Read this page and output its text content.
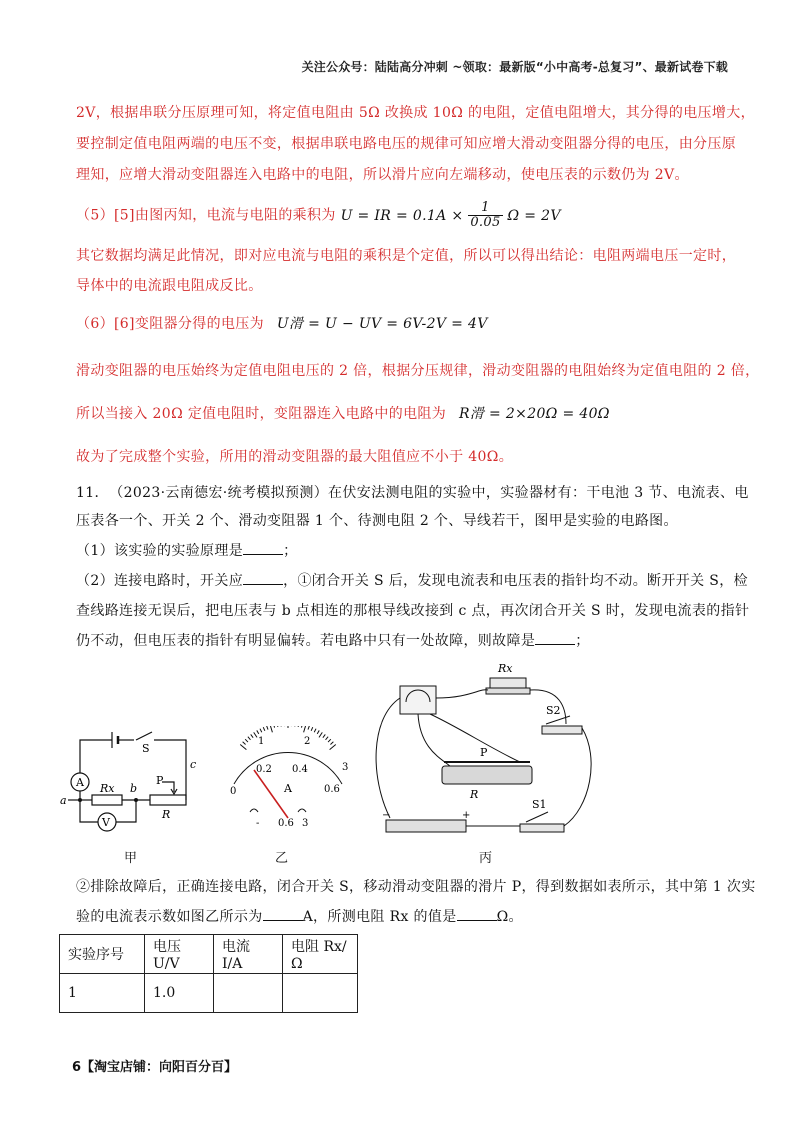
关注公众号：陆陆高分冲刺 ~领取：最新版“小中高考-总复习”、最新试卷下载
2V，根据串联分压原理可知，将定值电阻由 5Ω 改换成 10Ω 的电阻，定值电阻增大，其分得的电压增大，
要控制定值电阻两端的电压不变，根据串联电路电压的规律可知应增大滑动变阻器分得的电压，由分压原
理知，应增大滑动变阻器连入电路中的电阻，所以滑片应向左端移动，使电压表的示数仍为 2V。
（5）[5]由图丙知，电流与电阻的乘积为 U = IR = $0.1A \times \frac{1}{0.05}$ Ω = 2V
其它数据均满足此情况，即对应电流与电阻的乘积是个定值，所以可以得出结论：电阻两端电压一定时，
导体中的电流跟电阻成反比。
（6）[6]变阻器分得的电压为 U滑 = U − UV = 6V-2V = 4V
滑动变阻器的电压始终为定值电阻电压的 2 倍，根据分压规律，滑动变阻器的电阻始终为定值电阻的 2 倍，
所以当接入 20Ω 定值电阻时，变阻器连入电路中的电阻为 R滑 = 2×20Ω = 40Ω
故为了完成整个实验，所用的滑动变阻器的最大阻值应不小于 40Ω。
11．　（2023·云南德宏·统考模拟预测）在伏安法测电阻的实验中，实验器材有：干电池 3 节、电流表、电
压表各一个、开关 2 个、滑动变阻器 1 个、待测电阻 2 个、导线若干，图甲是实验的电路图。
（1）该实验的实验原理是	；
（2）连接电路时，开关应	，①闭合开关 S 后，发现电流表和电压表的指针均不动。断开开关 S，检
查线路连接无误后，把电压表与 b 点相连的那根导线改接到 c 点，再次闭合开关 S 时，发现电流表的指针
仍不动，但电压表的指针有明显偏转。若电路中只有一处故障，则故障是	；
A
V
S
Rx
P
R
a
b
c
0
0.2 0.4
0.6
1	2
3
A
- 0.6 3
Rx
S2
S1
P
R
−	+
甲	乙	丙
②排除故障后，正确连接电路，闭合开关 S，移动滑动变阻器的滑片 P，得到数据如表所示，其中第 1 次实
验的电流表示数如图乙所示为	A，所测电阻 Rx 的值是	Ω。
实验序号	电压 U/V	电流 I/A	电阻 Rx/Ω
1	1.0		
6【淘宝店铺：向阳百分百】
